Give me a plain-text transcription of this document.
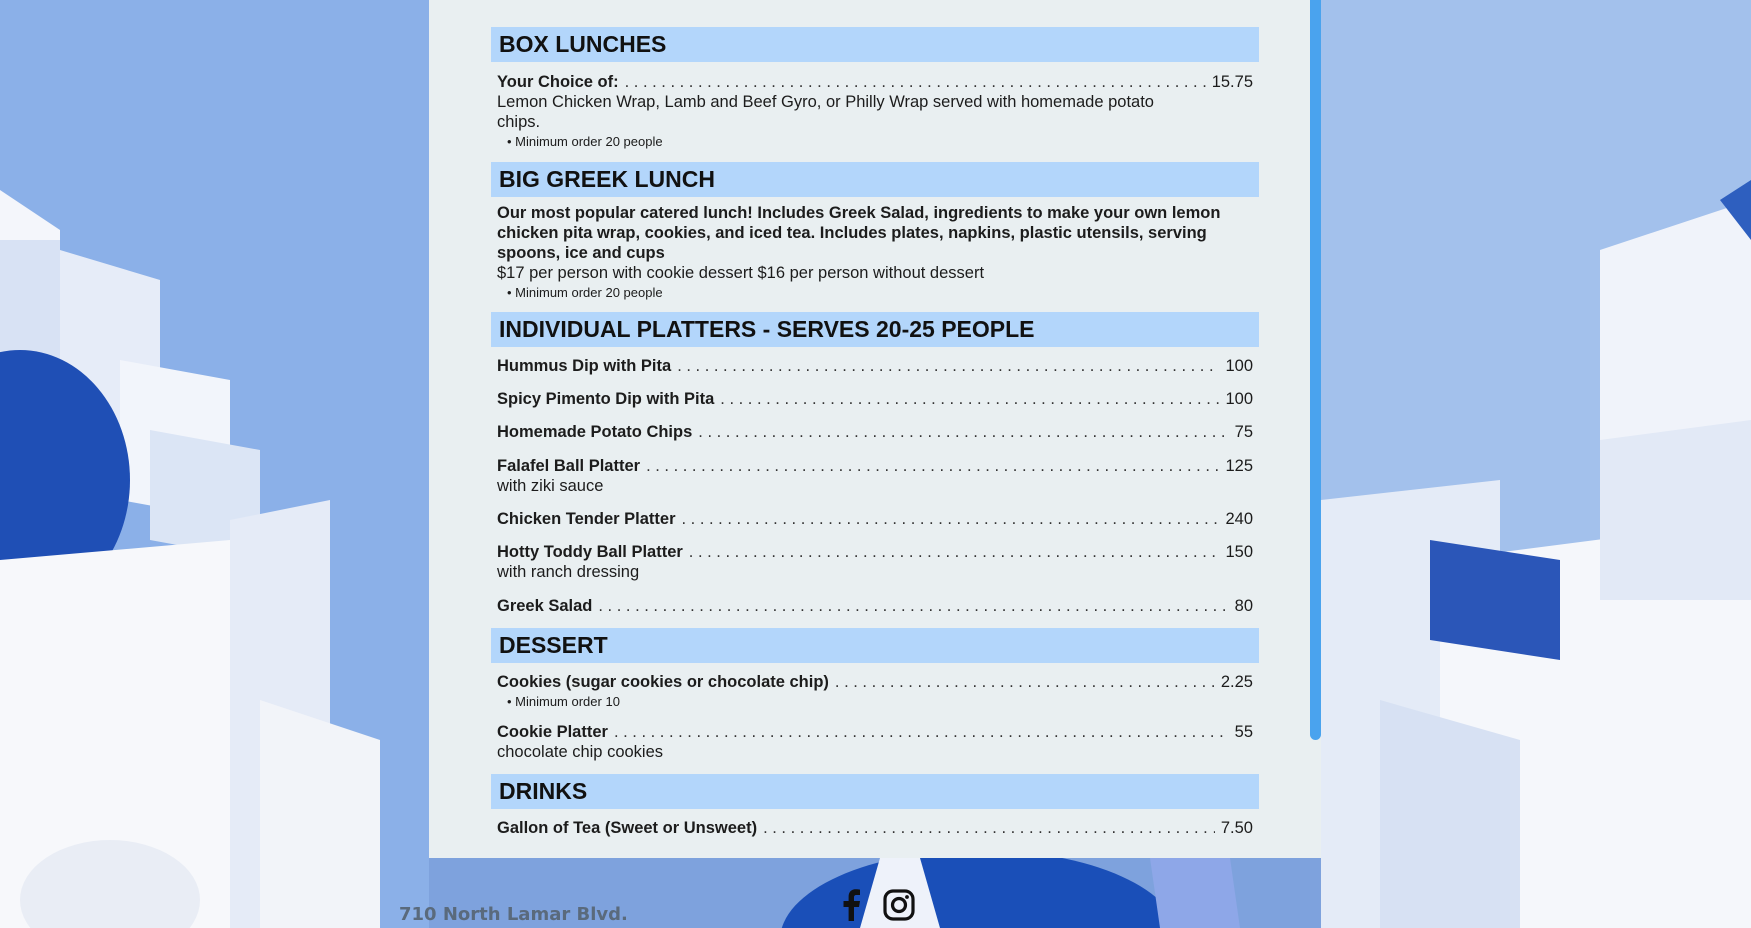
BOX LUNCHES
Your Choice of: . . .	15.75
Lemon Chicken Wrap, Lamb and Beef Gyro, or Philly Wrap served with homemade potato chips.
• Minimum order 20 people
BIG GREEK LUNCH
Our most popular catered lunch! Includes Greek Salad, ingredients to make your own lemon chicken pita wrap, cookies, and iced tea. Includes plates, napkins, plastic utensils, serving spoons, ice and cups
$17 per person with cookie dessert $16 per person without dessert
• Minimum order 20 people
INDIVIDUAL PLATTERS - SERVES 20-25 PEOPLE
Hummus Dip with Pita . . .	100
Spicy Pimento Dip with Pita . . .	100
Homemade Potato Chips . . .	75
Falafel Ball Platter . . .	125
with ziki sauce
Chicken Tender Platter . . .	240
Hotty Toddy Ball Platter . . .	150
with ranch dressing
Greek Salad . . .	80
DESSERT
Cookies (sugar cookies or chocolate chip) . . .	2.25
• Minimum order 10
Cookie Platter . . .	55
chocolate chip cookies
DRINKS
Gallon of Tea (Sweet or Unsweet) . . .	7.50
710 North Lamar Blvd.
